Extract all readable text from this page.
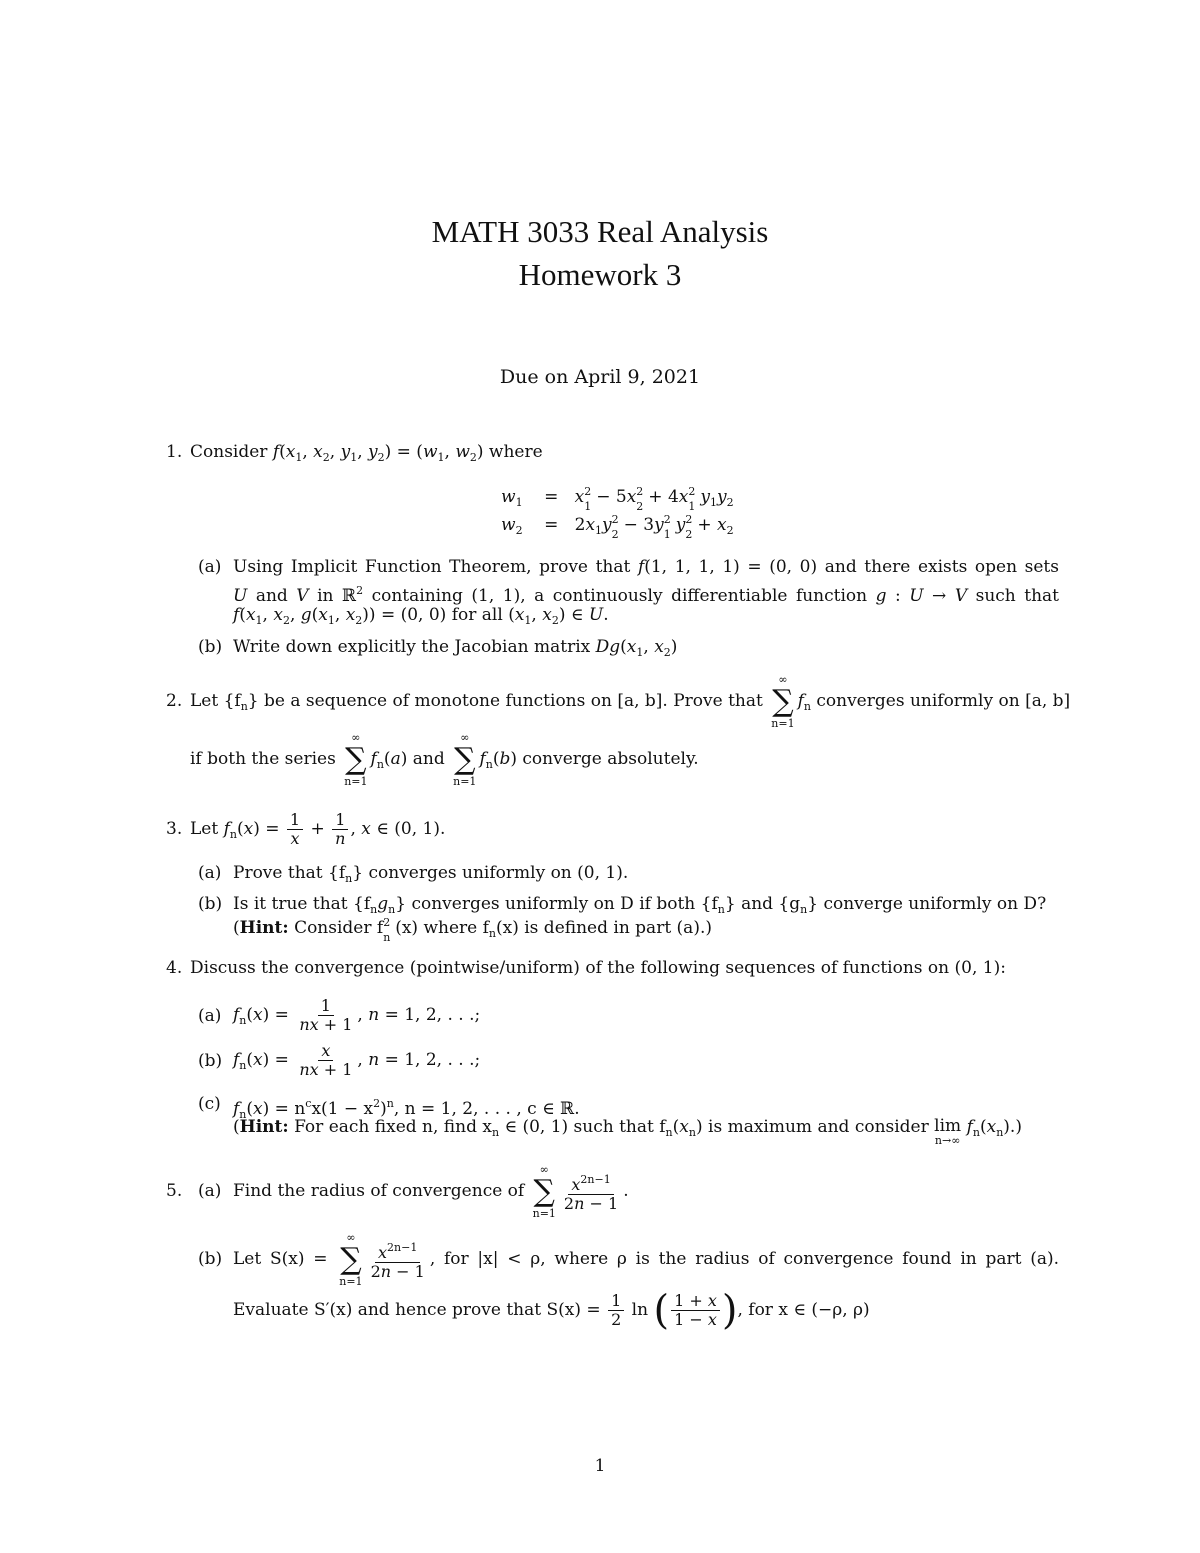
MATH 3033 Real Analysis
Homework 3
Due on April 9, 2021
1. Consider $f(x_1$, $x_2$, $y_1$, $y_2) = (w_1$, $w_2$) where
$w_1$    =   x 2
1 − 5x 2
2 + 4x 2
1 $y_1y_2$
$w_2$    =   $2x_1y$ 2
2 − 3y 2
1 y 2
$2 + x_2$
(a) Using Implicit Function Theorem, prove that f(1, 1, 1, 1) = (0, 0) and there exists open sets
U and V in ℝ$^2$ containing (1, 1), a continuously differentiable function g : U → V such that
$f(x_1$, $x_2$, $g(x_1$, $x_2)) = (0$, 0) for all ($x_1$, $x_2$) ∈ U.
(b) Write down explicitly the Jacobian matrix $Dg(x_1$, $x_2$)
2. Let $\{f_n\}$ be a sequence of monotone functions on [a, b]. Prove that
∞
∑
n=1
$f_n$ converges uniformly on [a, b]
if both the series
∞
∑
n=1
$f_n(a)$ and
∞
∑
n=1
$f_n(b)$ converge absolutely.
3. Let $f_n(x) = \frac{1}{x} + \frac{1}{n}$ , x ∈ (0, 1).
(a) Prove that $\{f_n\}$ converges uniformly on (0, 1).
(b) Is it true that $\{f_ng_n\}$ converges uniformly on D if both $\{f_n\}$ and $\{g_n\}$ converge uniformly on D?
(Hint: Consider f 2
n (x) where $f_n(x)$ is defined in part (a).)
4. Discuss the convergence (pointwise/uniform) of the following sequences of functions on (0, 1):
(a) $f_n(x) = \frac{1}{nx + 1}$ , n = 1, 2, . . .;
(b) $f_n(x) = \frac{x}{nx + 1}$ , n = 1, 2, . . .;
(c) $f_n(x) = n^cx(1 - x^2)^n$, n = 1, 2, . . . , c ∈ ℝ.
(Hint: For each fixed n, find $x_n$ ∈ (0, 1) such that $f_n(x_n)$ is maximum and consider lim
n→∞
$f_n(x_n)$.)
5. (a) Find the radius of convergence of
∞
∑
n=1
$\frac{x^{2n-1}}{2n - 1}$ .
(b) Let S(x) =
∞
∑
n=1
$\frac{x^{2n-1}}{2n - 1}$ , for |x| < ρ, where ρ is the radius of convergence found in part (a).
Evaluate S′(x) and hence prove that $S(x) = \frac{1}{2}$ ln ( $\frac{1 + x}{1 - x}$ ), for x ∈ (−ρ, ρ)
1
